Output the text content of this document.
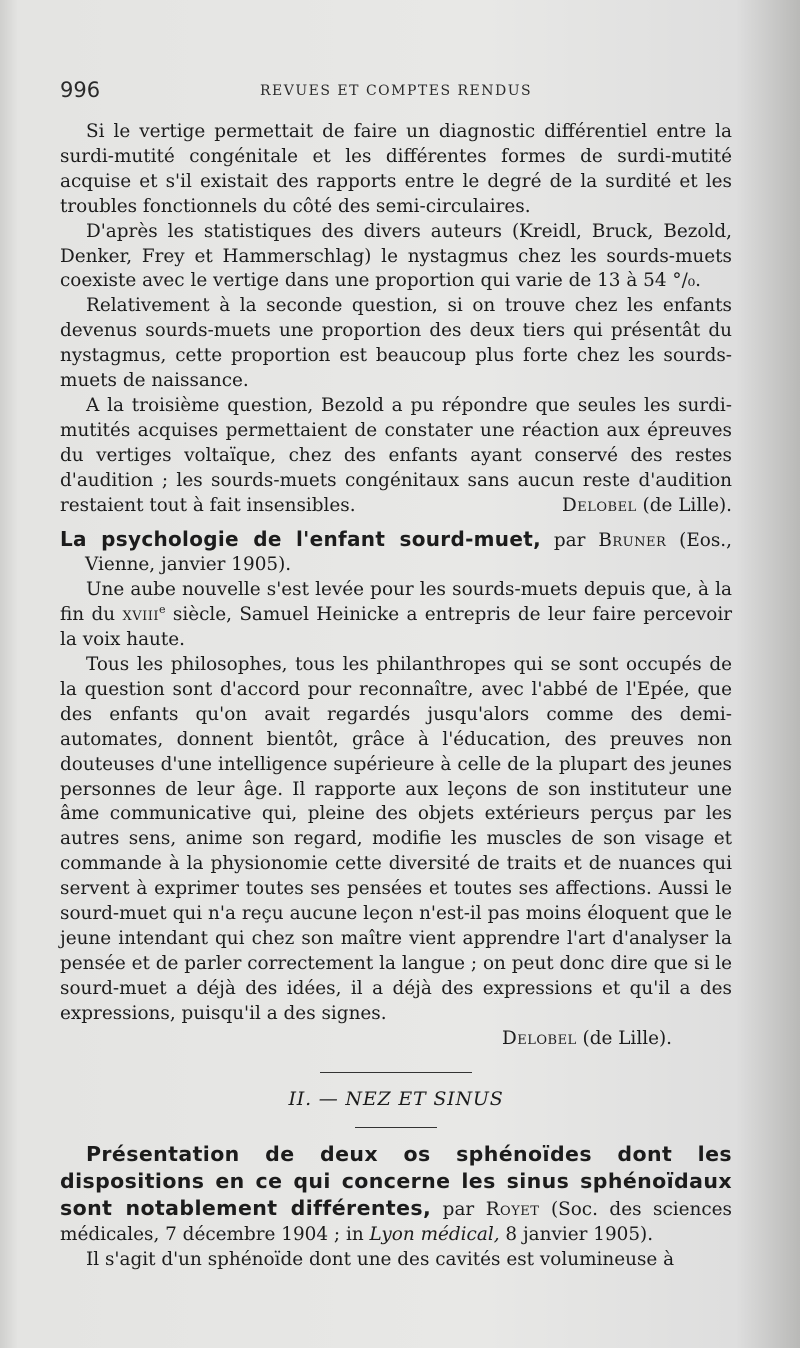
996	REVUES ET COMPTES RENDUS

Si le vertige permettait de faire un diagnostic différentiel entre la surdi-mutité congénitale et les différentes formes de surdi-mutité acquise et s'il existait des rapports entre le degré de la surdité et les troubles fonctionnels du côté des semi-circulaires.

D'après les statistiques des divers auteurs (Kreidl, Bruck, Bezold, Denker, Frey et Hammerschlag) le nystagmus chez les sourds-muets coexiste avec le vertige dans une proportion qui varie de 13 à 54 °/₀.

Relativement à la seconde question, si on trouve chez les enfants devenus sourds-muets une proportion des deux tiers qui présentât du nystagmus, cette proportion est beaucoup plus forte chez les sourds-muets de naissance.

A la troisième question, Bezold a pu répondre que seules les surdi-mutités acquises permettaient de constater une réaction aux épreuves du vertiges voltaïque, chez des enfants ayant conservé des restes d'audition ; les sourds-muets congénitaux sans aucun reste d'audition restaient tout à fait insensibles.	Delobel (de Lille).

La psychologie de l'enfant sourd-muet, par Bruner (Eos., Vienne, janvier 1905).

Une aube nouvelle s'est levée pour les sourds-muets depuis que, à la fin du xviii$^e$ siècle, Samuel Heinicke a entrepris de leur faire percevoir la voix haute.

Tous les philosophes, tous les philanthropes qui se sont occupés de la question sont d'accord pour reconnaître, avec l'abbé de l'Epée, que des enfants qu'on avait regardés jusqu'alors comme des demi-automates, donnent bientôt, grâce à l'éducation, des preuves non douteuses d'une intelligence supérieure à celle de la plupart des jeunes personnes de leur âge. Il rapporte aux leçons de son instituteur une âme communicative qui, pleine des objets extérieurs perçus par les autres sens, anime son regard, modifie les muscles de son visage et commande à la physionomie cette diversité de traits et de nuances qui servent à exprimer toutes ses pensées et toutes ses affections. Aussi le sourd-muet qui n'a reçu aucune leçon n'est-il pas moins éloquent que le jeune intendant qui chez son maître vient apprendre l'art d'analyser la pensée et de parler correctement la langue ; on peut donc dire que si le sourd-muet a déjà des idées, il a déjà des expressions et qu'il a des expressions, puisqu'il a des signes.

Delobel (de Lille).

II. — NEZ ET SINUS

Présentation de deux os sphénoïdes dont les dispositions en ce qui concerne les sinus sphénoïdaux sont notablement différentes, par Royet (Soc. des sciences médicales, 7 décembre 1904 ; in Lyon médical, 8 janvier 1905).

Il s'agit d'un sphénoïde dont une des cavités est volumineuse à
